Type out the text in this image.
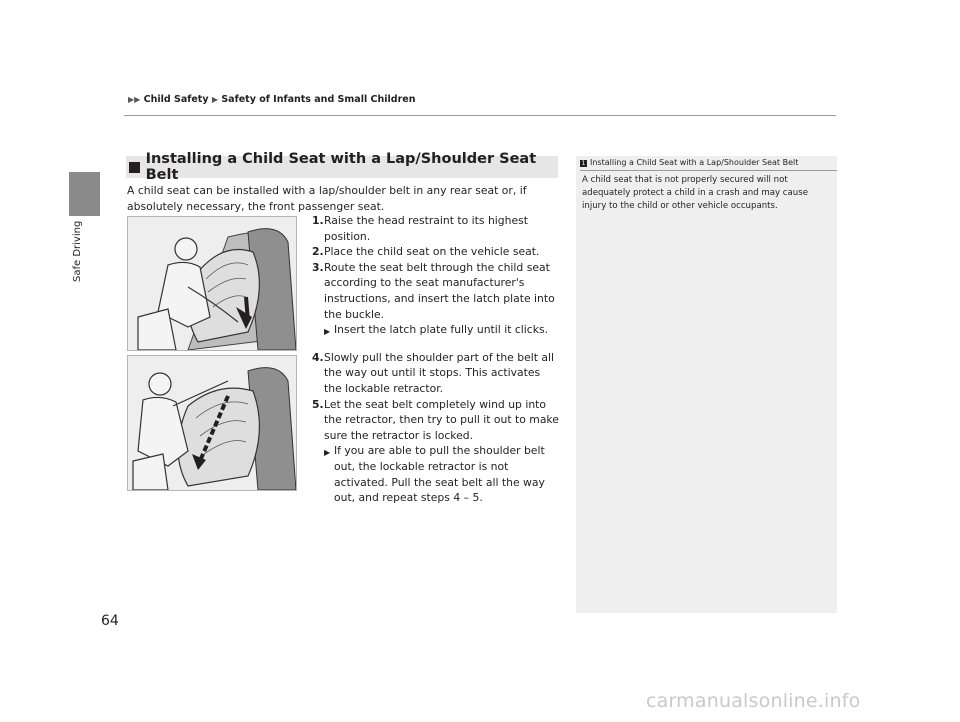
Safe Driving
▶▶ Child Safety ▶ Safety of Infants and Small Children
Installing a Child Seat with a Lap/Shoulder Seat Belt
A child seat can be installed with a lap/shoulder belt in any rear seat or, if absolutely necessary, the front passenger seat.
1. Raise the head restraint to its highest position.
2. Place the child seat on the vehicle seat.
3. Route the seat belt through the child seat according to the seat manufacturer's instructions, and insert the latch plate into the buckle.
▶ Insert the latch plate fully until it clicks.
4. Slowly pull the shoulder part of the belt all the way out until it stops. This activates the lockable retractor.
5. Let the seat belt completely wind up into the retractor, then try to pull it out to make sure the retractor is locked.
▶ If you are able to pull the shoulder belt out, the lockable retractor is not activated. Pull the seat belt all the way out, and repeat steps 4 – 5.
1 Installing a Child Seat with a Lap/Shoulder Seat Belt
A child seat that is not properly secured will not adequately protect a child in a crash and may cause injury to the child or other vehicle occupants.
64
carmanualsonline.info
